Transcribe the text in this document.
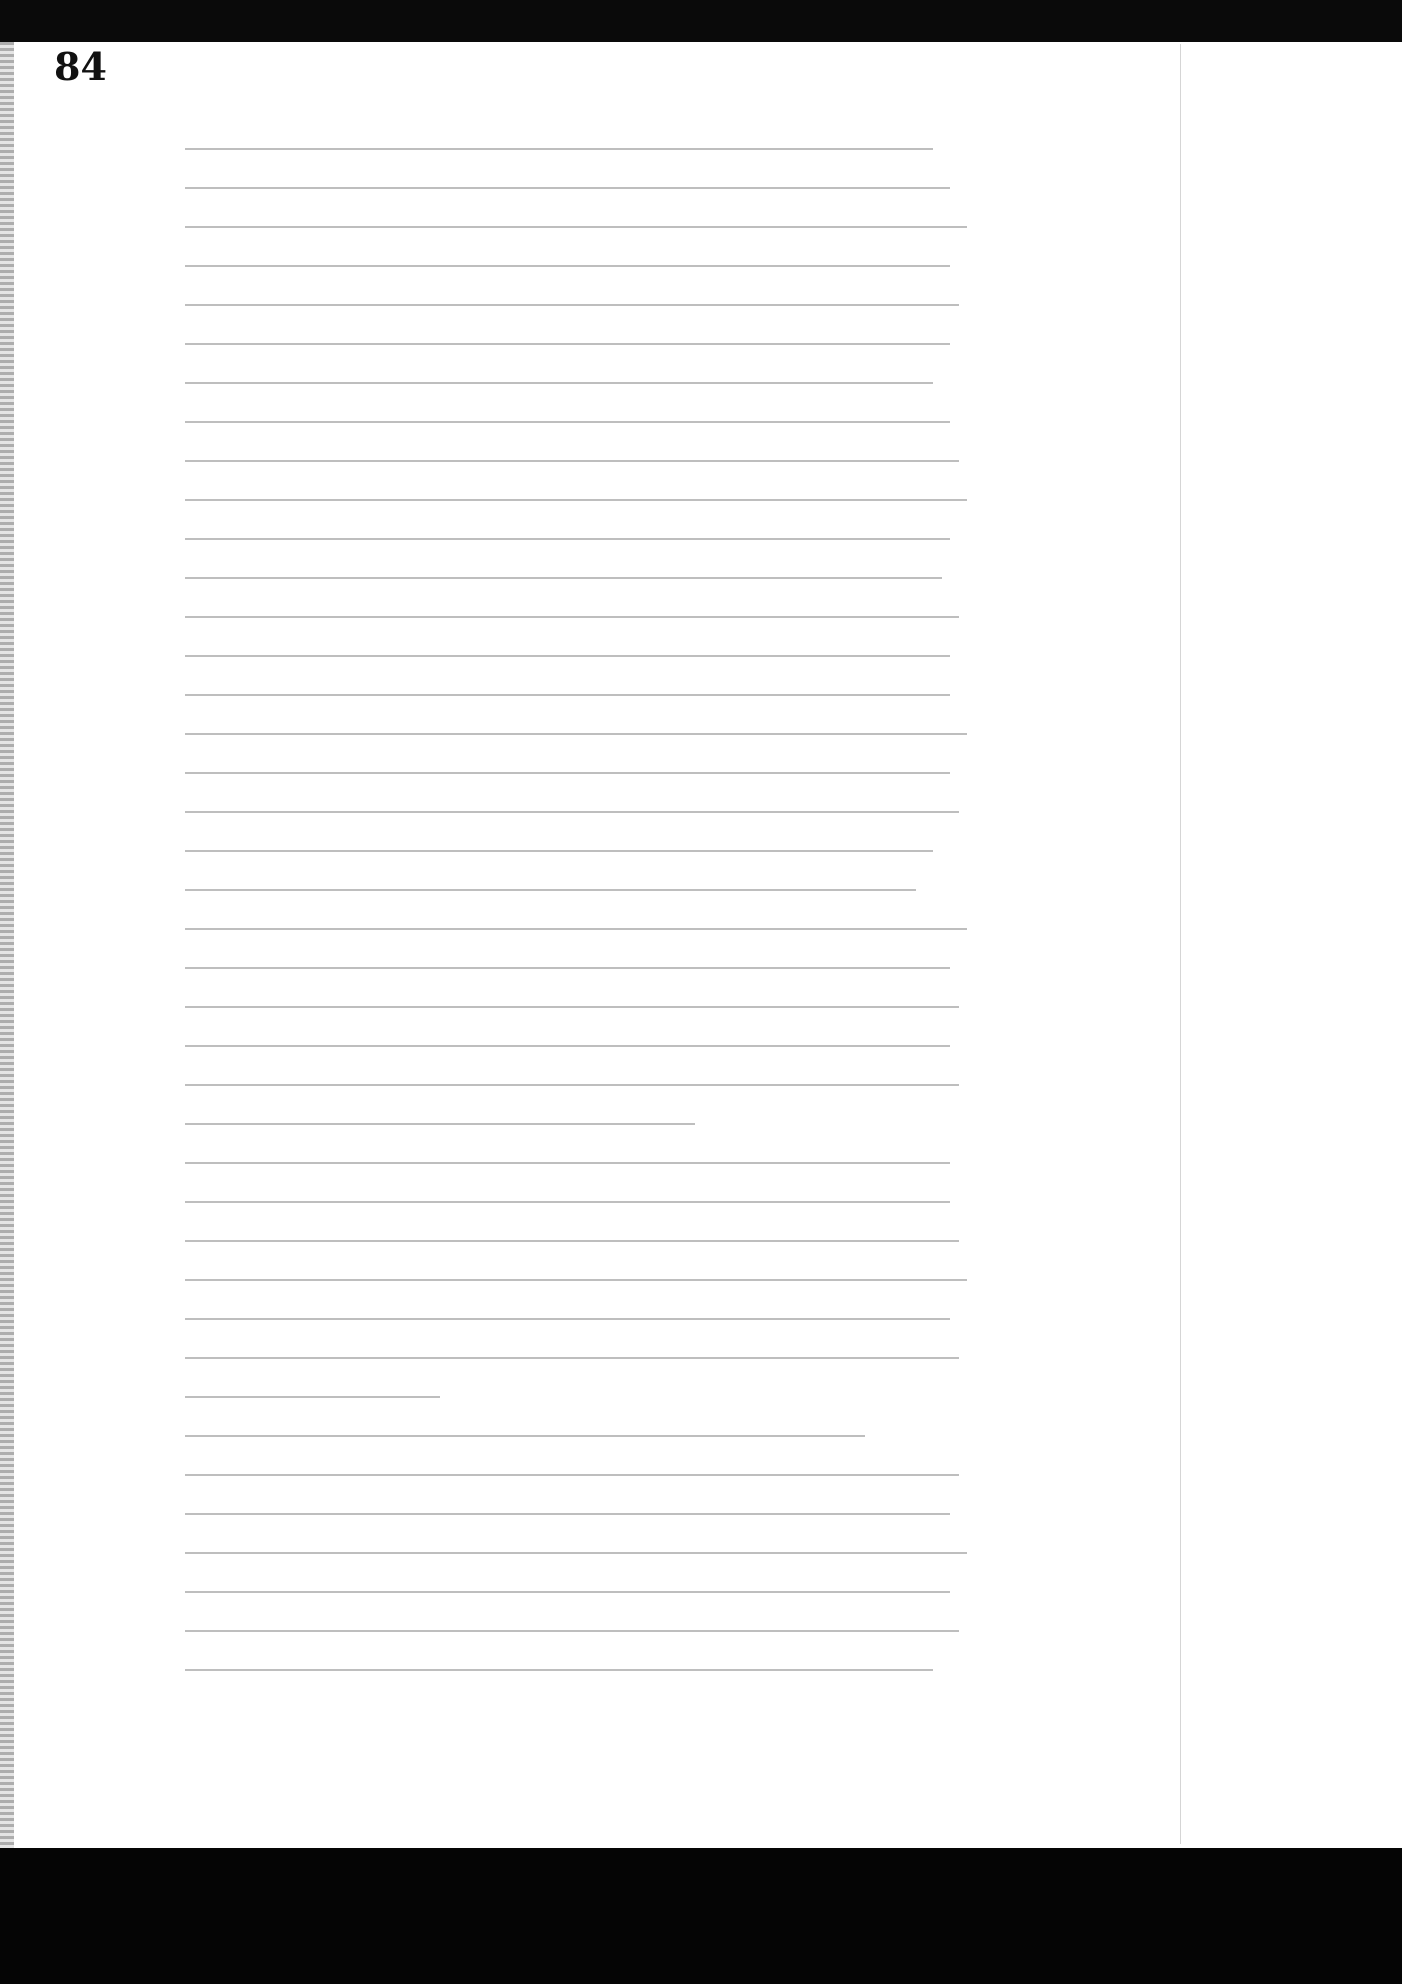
84
